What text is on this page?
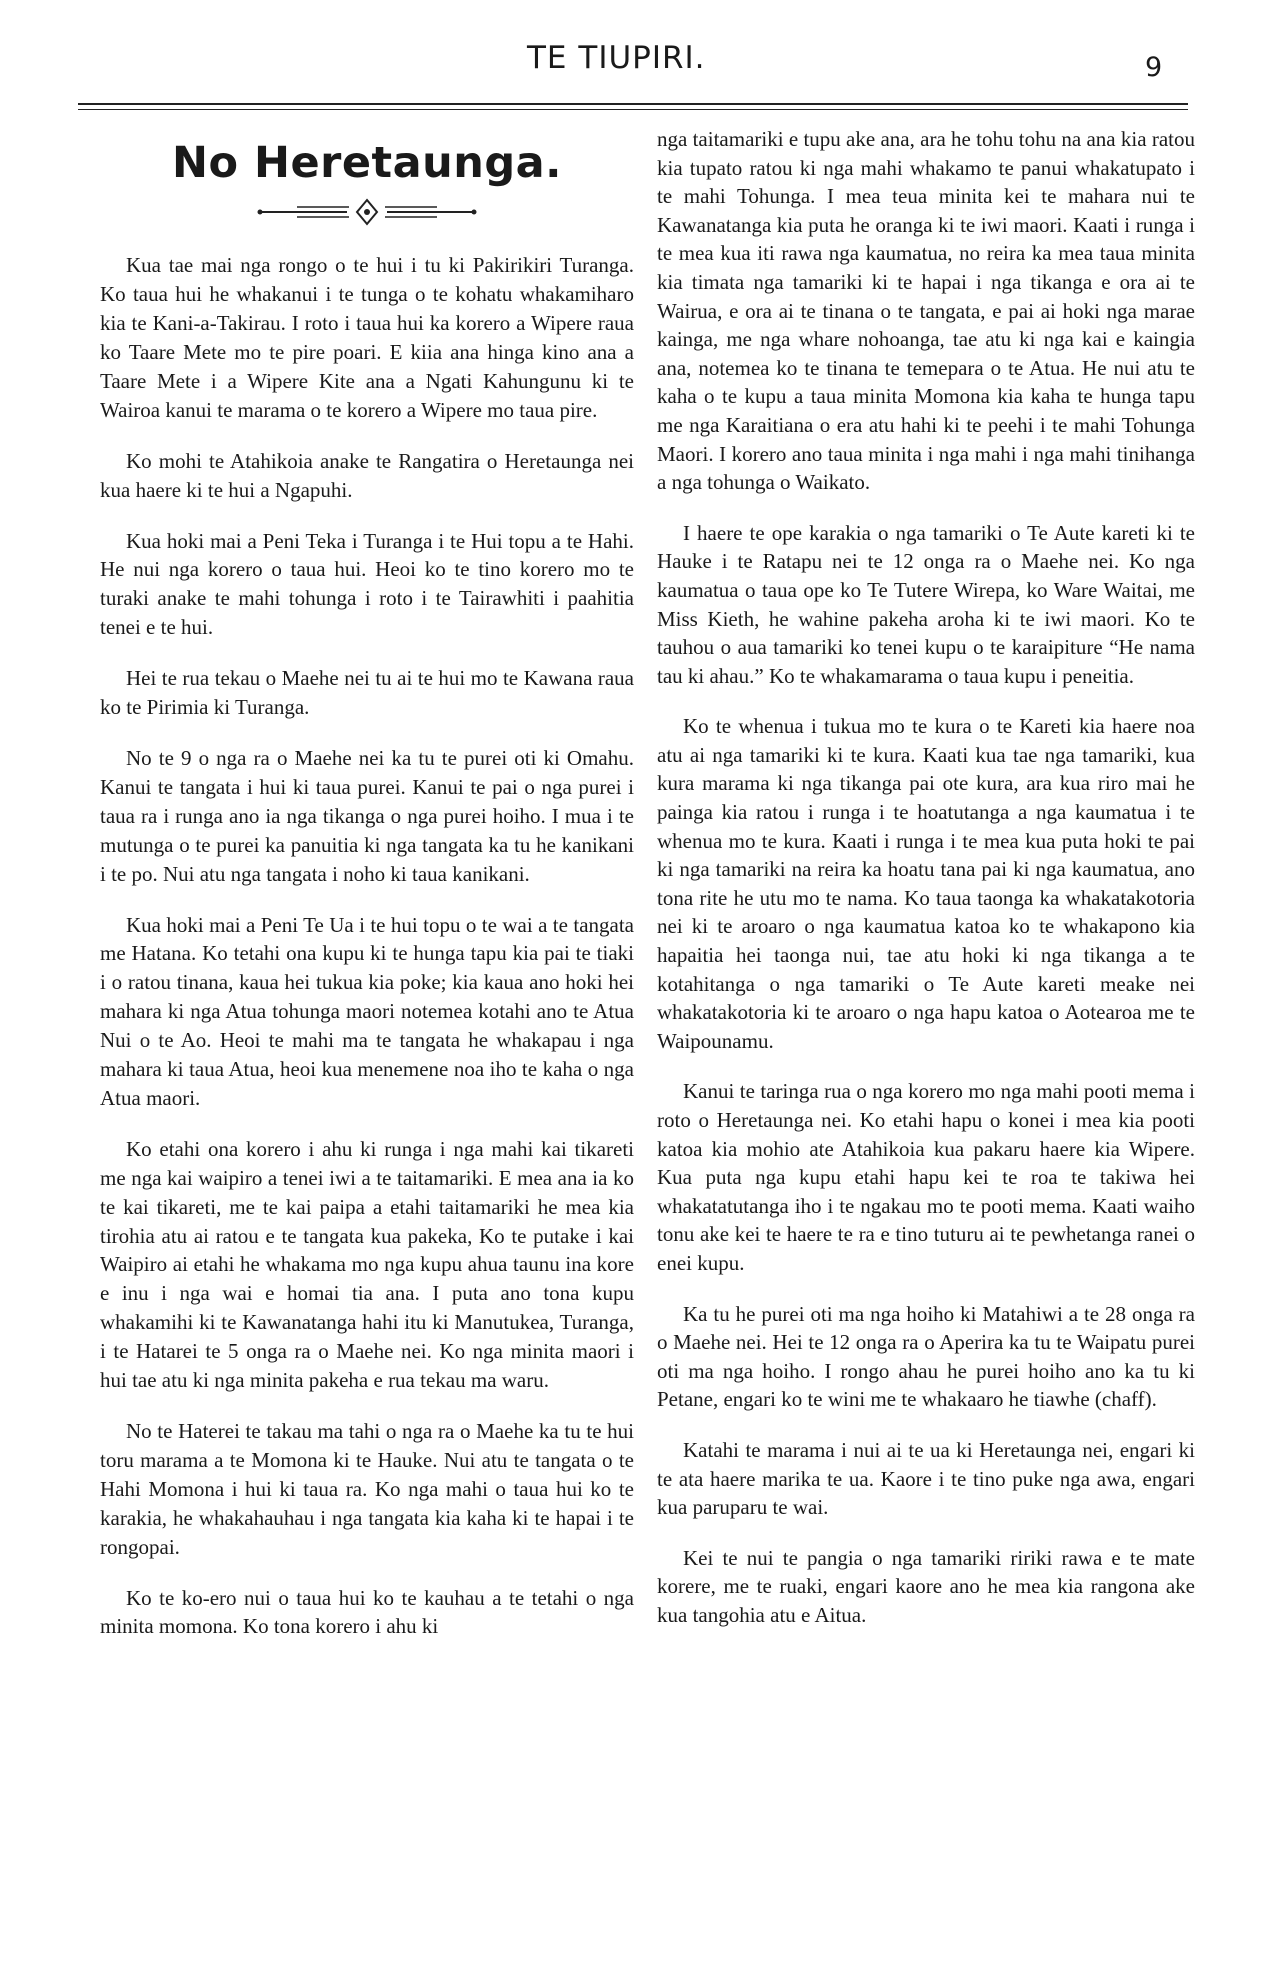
TE TIUPIRI.	9
No Heretaunga.

Kua tae mai nga rongo o te hui i tu ki Pakirikiri Turanga. Ko taua hui he whakanui i te tunga o te kohatu whakamiharo kia te Kani-a-Takirau. I roto i taua hui ka korero a Wipere raua ko Taare Mete mo te pire poari. E kiia ana hinga kino ana a Taare Mete i a Wipere Kite ana a Ngati Kahungunu ki te Wairoa kanui te marama o te korero a Wipere mo taua pire.

Ko mohi te Atahikoia anake te Rangatira o Heretaunga nei kua haere ki te hui a Ngapuhi.

Kua hoki mai a Peni Teka i Turanga i te Hui topu a te Hahi. He nui nga korero o taua hui. Heoi ko te tino korero mo te turaki anake te mahi tohunga i roto i te Tairawhiti i paahitia tenei e te hui.

Hei te rua tekau o Maehe nei tu ai te hui mo te Kawana raua ko te Pirimia ki Turanga.

No te 9 o nga ra o Maehe nei ka tu te purei oti ki Omahu. Kanui te tangata i hui ki taua purei. Kanui te pai o nga purei i taua ra i runga ano ia nga tikanga o nga purei hoiho. I mua i te mutunga o te purei ka panuitia ki nga tangata ka tu he kanikani i te po. Nui atu nga tangata i noho ki taua kanikani.

Kua hoki mai a Peni Te Ua i te hui topu o te wai a te tangata me Hatana. Ko tetahi ona kupu ki te hunga tapu kia pai te tiaki i o ratou tinana, kaua hei tukua kia poke; kia kaua ano hoki hei mahara ki nga Atua tohunga maori notemea kotahi ano te Atua Nui o te Ao. Heoi te mahi ma te tangata he whakapau i nga mahara ki taua Atua, heoi kua menemene noa iho te kaha o nga Atua maori.

Ko etahi ona korero i ahu ki runga i nga mahi kai tikareti me nga kai waipiro a tenei iwi a te taitamariki. E mea ana ia ko te kai tikareti, me te kai paipa a etahi taitamariki he mea kia tirohia atu ai ratou e te tangata kua pakeka, Ko te putake i kai Waipiro ai etahi he whakama mo nga kupu ahua taunu ina kore e inu i nga wai e homai tia ana. I puta ano tona kupu whakamihi ki te Kawanatanga hahi itu ki Manutukea, Turanga, i te Hatarei te 5 onga ra o Maehe nei. Ko nga minita maori i hui tae atu ki nga minita pakeha e rua tekau ma waru.

No te Haterei te takau ma tahi o nga ra o Maehe ka tu te hui toru marama a te Momona ki te Hauke. Nui atu te tangata o te Hahi Momona i hui ki taua ra. Ko nga mahi o taua hui ko te karakia, he whakahauhau i nga tangata kia kaha ki te hapai i te rongopai.

Ko te ko-ero nui o taua hui ko te kauhau a te tetahi o nga minita momona. Ko tona korero i ahu ki

nga taitamariki e tupu ake ana, ara he tohu tohu na ana kia ratou kia tupato ratou ki nga mahi whakamo te panui whakatupato i te mahi Tohunga. I mea teua minita kei te mahara nui te Kawanatanga kia puta he oranga ki te iwi maori. Kaati i runga i te mea kua iti rawa nga kaumatua, no reira ka mea taua minita kia timata nga tamariki ki te hapai i nga tikanga e ora ai te Wairua, e ora ai te tinana o te tangata, e pai ai hoki nga marae kainga, me nga whare nohoanga, tae atu ki nga kai e kaingia ana, notemea ko te tinana te temepara o te Atua. He nui atu te kaha o te kupu a taua minita Momona kia kaha te hunga tapu me nga Karaitiana o era atu hahi ki te peehi i te mahi Tohunga Maori. I korero ano taua minita i nga mahi i nga mahi tinihanga a nga tohunga o Waikato.

I haere te ope karakia o nga tamariki o Te Aute kareti ki te Hauke i te Ratapu nei te 12 onga ra o Maehe nei. Ko nga kaumatua o taua ope ko Te Tutere Wirepa, ko Ware Waitai, me Miss Kieth, he wahine pakeha aroha ki te iwi maori. Ko te tauhou o aua tamariki ko tenei kupu o te karaipiture “He nama tau ki ahau.” Ko te whakamarama o taua kupu i peneitia.

Ko te whenua i tukua mo te kura o te Kareti kia haere noa atu ai nga tamariki ki te kura. Kaati kua tae nga tamariki, kua kura marama ki nga tikanga pai ote kura, ara kua riro mai he painga kia ratou i runga i te hoatutanga a nga kaumatua i te whenua mo te kura. Kaati i runga i te mea kua puta hoki te pai ki nga tamariki na reira ka hoatu tana pai ki nga kaumatua, ano tona rite he utu mo te nama. Ko taua taonga ka whakatakotoria nei ki te aroaro o nga kaumatua katoa ko te whakapono kia hapaitia hei taonga nui, tae atu hoki ki nga tikanga a te kotahitanga o nga tamariki o Te Aute kareti meake nei whakatakotoria ki te aroaro o nga hapu katoa o Aotearoa me te Waipounamu.

Kanui te taringa rua o nga korero mo nga mahi pooti mema i roto o Heretaunga nei. Ko etahi hapu o konei i mea kia pooti katoa kia mohio ate Atahikoia kua pakaru haere kia Wipere. Kua puta nga kupu etahi hapu kei te roa te takiwa hei whakatatutanga iho i te ngakau mo te pooti mema. Kaati waiho tonu ake kei te haere te ra e tino tuturu ai te pewhetanga ranei o enei kupu.

Ka tu he purei oti ma nga hoiho ki Matahiwi a te 28 onga ra o Maehe nei. Hei te 12 onga ra o Aperira ka tu te Waipatu purei oti ma nga hoiho. I rongo ahau he purei hoiho ano ka tu ki Petane, engari ko te wini me te whakaaro he tiawhe (chaff).

Katahi te marama i nui ai te ua ki Heretaunga nei, engari ki te ata haere marika te ua. Kaore i te tino puke nga awa, engari kua paruparu te wai.

Kei te nui te pangia o nga tamariki ririki rawa e te mate korere, me te ruaki, engari kaore ano he mea kia rangona ake kua tangohia atu e Aitua.
